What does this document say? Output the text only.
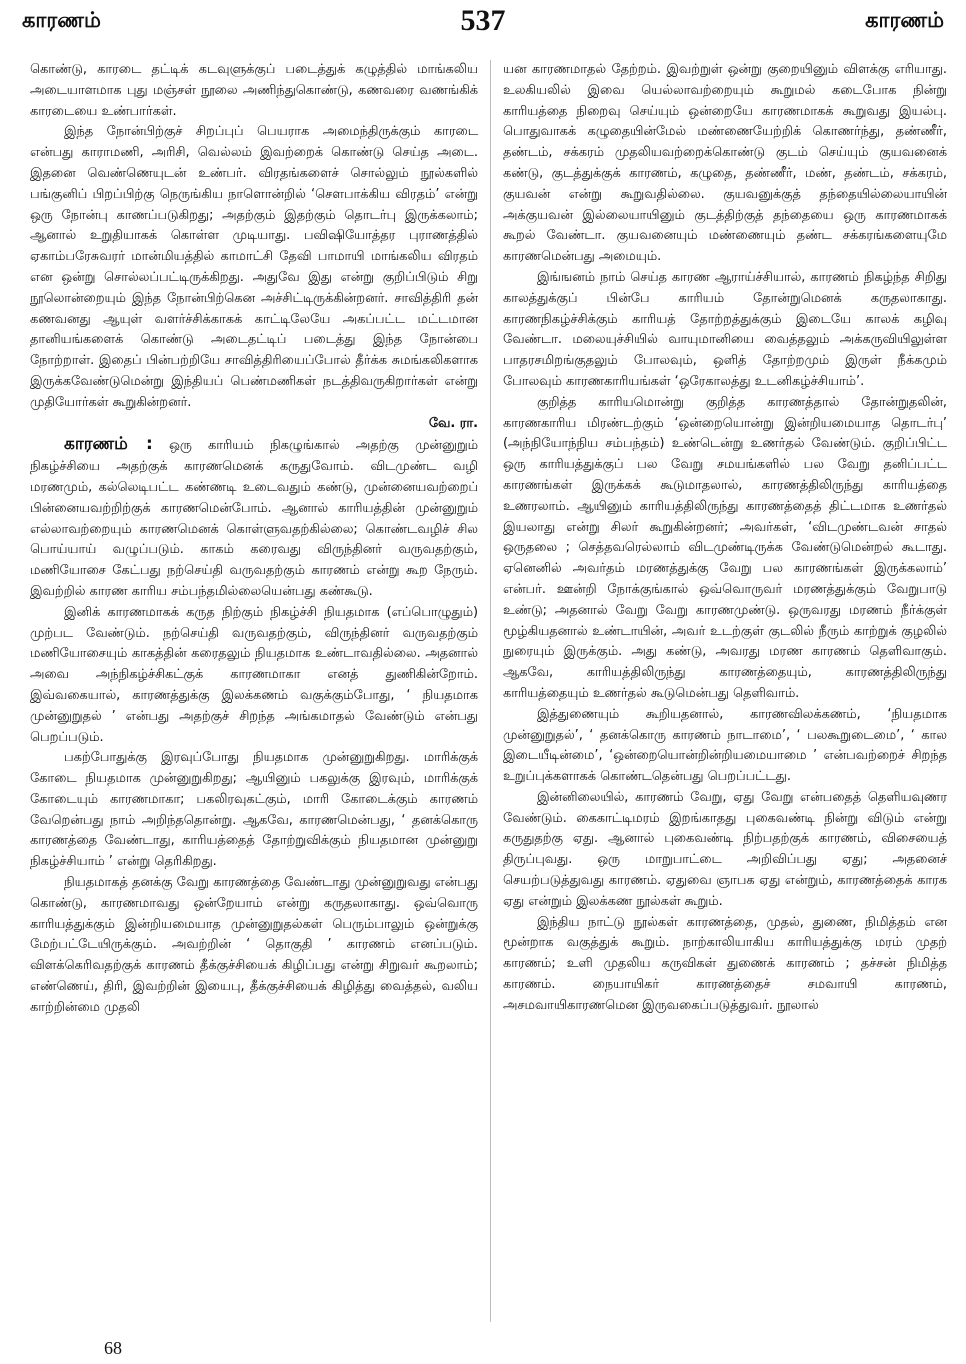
காரணம்	537	காரணம்

கொண்டு, காரடை தட்டிக் கடவுளுக்குப் படைத்துக் கழுத்தில் மாங்கலிய அடையாளமாக புது மஞ்சள் நூலை அணிந்துகொண்டு, கணவரை வணங்கிக் காரடையை உண்பார்கள்.

இந்த நோன்பிற்குச் சிறப்புப் பெயராக அமைந்திருக்கும் காரடை என்பது காராமணி, அரிசி, வெல்லம் இவற்றைக் கொண்டு செய்த அடை. இதனை வெண்ணெயுடன் உண்பர். விரதங்களைச் சொல்லும் நூல்களில் பங்குனிப் பிறப்பிற்கு நெருங்கிய நாளொன்றில் ‘சௌபாக்கிய விரதம்’ என்று ஒரு நோன்பு காணப்படுகிறது; அதற்கும் இதற்கும் தொடர்பு இருக்கலாம்; ஆனால் உறுதியாகக் கொள்ள முடியாது. பவிஷியோத்தர புராணத்தில் ஏகாம்பரேசுவரர் மான்மியத்தில் காமாட்சி தேவி பாமாயி மாங்கலிய விரதம் என ஒன்று சொல்லப்பட்டிருக்கிறது. அதுவே இது என்று குறிப்பிடும் சிறு நூலொன்றையும் இந்த நோன்பிற்கென அச்சிட்டிருக்கின்றனர். சாவித்திரி தன் கணவனது ஆயுள் வளர்ச்சிக்காகக் காட்டிலேயே அகப்பட்ட மட்டமான தானியங்களைக் கொண்டு அடைதட்டிப் படைத்து இந்த நோன்பை நோற்றாள். இதைப் பின்பற்றியே சாவித்திரியைப்போல் தீர்க்க சுமங்கலிகளாக இருக்கவேண்டுமென்று இந்தியப் பெண்மணிகள் நடத்திவருகிறார்கள் என்று முதியோர்கள் கூறுகின்றனர்.

வே. ரா.

காரணம் : ஒரு காரியம் நிகழுங்கால் அதற்கு முன்னுறும் நிகழ்ச்சியை அதற்குக் காரணமெனக் கருதுவோம். விடமுண்ட வழி மரணமும், கல்லெடிபட்ட கண்ணடி உடைவதும் கண்டு, முன்னையவற்றைப் பின்னையவற்றிற்குக் காரணமென்போம். ஆனால் காரியத்தின் முன்னுறும் எல்லாவற்றையும் காரணமெனக் கொள்ளுவதற்கில்லை; கொண்டவழிச் சில பொய்யாய் வழுப்படும். காகம் கரைவது விருந்தினர் வருவதற்கும், மணியோசை கேட்பது நற்செய்தி வருவதற்கும் காரணம் என்று கூற நேரும். இவற்றில் காரண காரிய சம்பந்தமில்லையென்பது கண்கூடு.

இனிக் காரணமாகக் கருத நிற்கும் நிகழ்ச்சி நியதமாக (எப்பொழுதும்) முற்பட வேண்டும். நற்செய்தி வருவதற்கும், விருந்தினர் வருவதற்கும் மணியோசையும் காகத்தின் கரைதலும் நியதமாக உண்டாவதில்லை. அதனால் அவை அந்நிகழ்ச்சிகட்குக் காரணமாகா எனத் துணிகின்றோம். இவ்வகையால், காரணத்துக்கு இலக்கணம் வகுக்கும்போது, ‘ நியதமாக முன்னுறுதல் ’ என்பது அதற்குச் சிறந்த அங்கமாதல் வேண்டும் என்பது பெறப்படும்.

பகற்போதுக்கு இரவுப்போது நியதமாக முன்னுறுகிறது. மாரிக்குக் கோடை நியதமாக முன்னுறுகிறது; ஆயினும் பகலுக்கு இரவும், மாரிக்குக் கோடையும் காரணமாகா; பகலிரவுகட்கும், மாரி கோடைக்கும் காரணம் வேறென்பது நாம் அறிந்ததொன்று. ஆகவே, காரணமென்பது, ‘ தனக்கொரு காரணத்தை வேண்டாது, காரியத்தைத் தோற்றுவிக்கும் நியதமான முன்னுறு நிகழ்ச்சியாம் ’ என்று தெரிகிறது.

நியதமாகத் தனக்கு வேறு காரணத்தை வேண்டாது முன்னுறுவது என்பது கொண்டு, காரணமாவது ஒன்றேயாம் என்று கருதலாகாது. ஒவ்வொரு காரியத்துக்கும் இன்றியமையாத முன்னுறுதல்கள் பெரும்பாலும் ஒன்றுக்கு மேற்பட்டேயிருக்கும். அவற்றின் ‘ தொகுதி ’ காரணம் எனப்படும். விளக்கெரிவதற்குக் காரணம் தீக்குச்சியைக் கிழிப்பது என்று சிறுவர் கூறலாம்; எண்ணெய், திரி, இவற்றின் இயைபு, தீக்குச்சியைக் கிழித்து வைத்தல், வலிய காற்றின்மை முதலி

யன காரணமாதல் தேற்றம். இவற்றுள் ஒன்று குறையினும் விளக்கு எரியாது. உலகியலில் இவை யெல்லாவற்றையும் கூறுமல் கடைபோக நின்று காரியத்தை நிறைவு செய்யும் ஒன்றையே காரணமாகக் கூறுவது இயல்பு. பொதுவாகக் கழுதையின்மேல் மண்ணையேற்றிக் கொணர்ந்து, தண்ணீர், தண்டம், சக்கரம் முதலியவற்றைக்கொண்டு குடம் செய்யும் குயவனைக் கண்டு, குடத்துக்குக் காரணம், கழுதை, தண்ணீர், மண், தண்டம், சக்கரம், குயவன் என்று கூறுவதில்லை. குயவனுக்குத் தந்தையில்லையாயின் அக்குயவன் இல்லையாயினும் குடத்திற்குத் தந்தையை ஒரு காரணமாகக் கூறல் வேண்டா. குயவனையும் மண்ணையும் தண்ட சக்கரங்களையுமே காரணமென்பது அமையும்.

இங்ஙனம் நாம் செய்த காரண ஆராய்ச்சியால், காரணம் நிகழ்ந்த சிறிது காலத்துக்குப் பின்பே காரியம் தோன்றுமெனக் கருதலாகாது. காரணநிகழ்ச்சிக்கும் காரியத் தோற்றத்துக்கும் இடையே காலக் கழிவு வேண்டா. மலையுச்சியில் வாயுமானியை வைத்தலும் அக்கருவியிலுள்ள பாதரசமிறங்குதலும் போலவும், ஒளித் தோற்றமும் இருள் நீக்கமும் போலவும் காரணகாரியங்கள் ‘ஒரேகாலத்து உடனிகழ்ச்சியாம்’.

குறித்த காரியமொன்று குறித்த காரணத்தால் தோன்றுதலின், காரணகாரிய மிரண்டற்கும் ‘ஒன்றையொன்று இன்றியமையாத தொடர்பு’ (அந்நியோந்நிய சம்பந்தம்) உண்டென்று உணர்தல் வேண்டும். குறிப்பிட்ட ஒரு காரியத்துக்குப் பல வேறு சமயங்களில் பல வேறு தனிப்பட்ட காரணங்கள் இருக்கக் கூடுமாதலால், காரணத்திலிருந்து காரியத்தை உணரலாம். ஆயினும் காரியத்திலிருந்து காரணத்தைத் திட்டமாக உணர்தல் இயலாது என்று சிலர் கூறுகின்றனர்; அவர்கள், ‘விடமுண்டவன் சாதல் ஒருதலை ; செத்தவரெல்லாம் விடமுண்டிருக்க வேண்டுமென்றல் கூடாது. ஏனெனில் அவர்தம் மரணத்துக்கு வேறு பல காரணங்கள் இருக்கலாம்’ என்பர். ஊன்றி நோக்குங்கால் ஒவ்வொருவர் மரணத்துக்கும் வேறுபாடு உண்டு; அதனால் வேறு வேறு காரணமுண்டு. ஒருவரது மரணம் நீர்க்குள் மூழ்கியதனால் உண்டாயின், அவர் உடற்குள் குடலில் நீரும் காற்றுக் குழலில் நுரையும் இருக்கும். அது கண்டு, அவரது மரண காரணம் தெளிவாகும். ஆகவே, காரியத்திலிருந்து காரணத்தையும், காரணத்திலிருந்து காரியத்தையும் உணர்தல் கூடுமென்பது தெளிவாம்.

இத்துணையும் கூறியதனால், காரணவிலக்கணம், ‘நியதமாக முன்னுறுதல்’, ‘ தனக்கொரு காரணம் நாடாமை’, ‘ பலகூறுடைமை’, ‘ கால இடையீடின்மை’, ‘ஒன்றையொன்றின்றியமையாமை ’ என்பவற்றைச் சிறந்த உறுப்புக்களாகக் கொண்டதென்பது பெறப்பட்டது.

இன்னிலையில், காரணம் வேறு, ஏது வேறு என்பதைத் தெளியவுணர வேண்டும். கைகாட்டிமரம் இறங்காதது புகைவண்டி நின்று விடும் என்று கருதுதற்கு ஏது. ஆனால் புகைவண்டி நிற்பதற்குக் காரணம், விசையைத் திருப்புவது. ஒரு மாறுபாட்டை அறிவிப்பது ஏது; அதனைச் செயற்படுத்துவது காரணம். ஏதுவை ஞாபக ஏது என்றும், காரணத்தைக் காரக ஏது என்றும் இலக்கண நூல்கள் கூறும்.

இந்திய நாட்டு நூல்கள் காரணத்தை, முதல், துணை, நிமித்தம் என மூன்றாக வகுத்துக் கூறும். நாற்காலியாகிய காரியத்துக்கு மரம் முதற் காரணம்; உளி முதலிய கருவிகள் துணைக் காரணம் ; தச்சன் நிமித்த காரணம். நையாயிகர் காரணத்தைச் சமவாயி காரணம், அசமவாயிகாரணமென இருவகைப்படுத்துவர். நூலால்

68
